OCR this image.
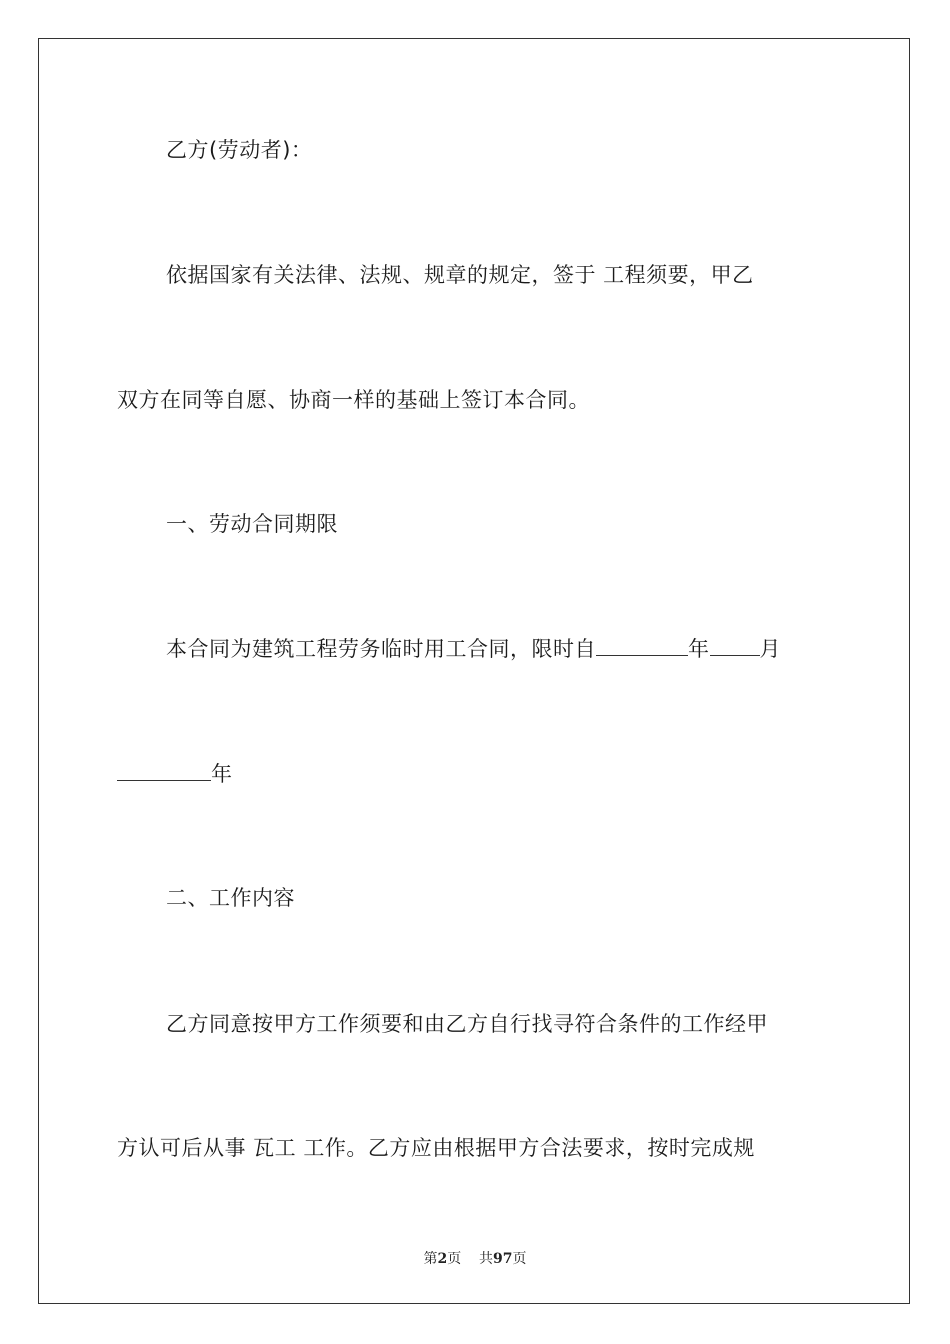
乙方(劳动者)：
依据国家有关法律、法规、规章的规定，签于 工程须要，甲乙
双方在同等自愿、协商一样的基础上签订本合同。
一、劳动合同期限
本合同为建筑工程劳务临时用工合同，限时自	年 月
年
二、工作内容
乙方同意按甲方工作须要和由乙方自行找寻符合条件的工作经甲
方认可后从事 瓦工 工作。乙方应由根据甲方合法要求，按时完成规
第2页 共97页
